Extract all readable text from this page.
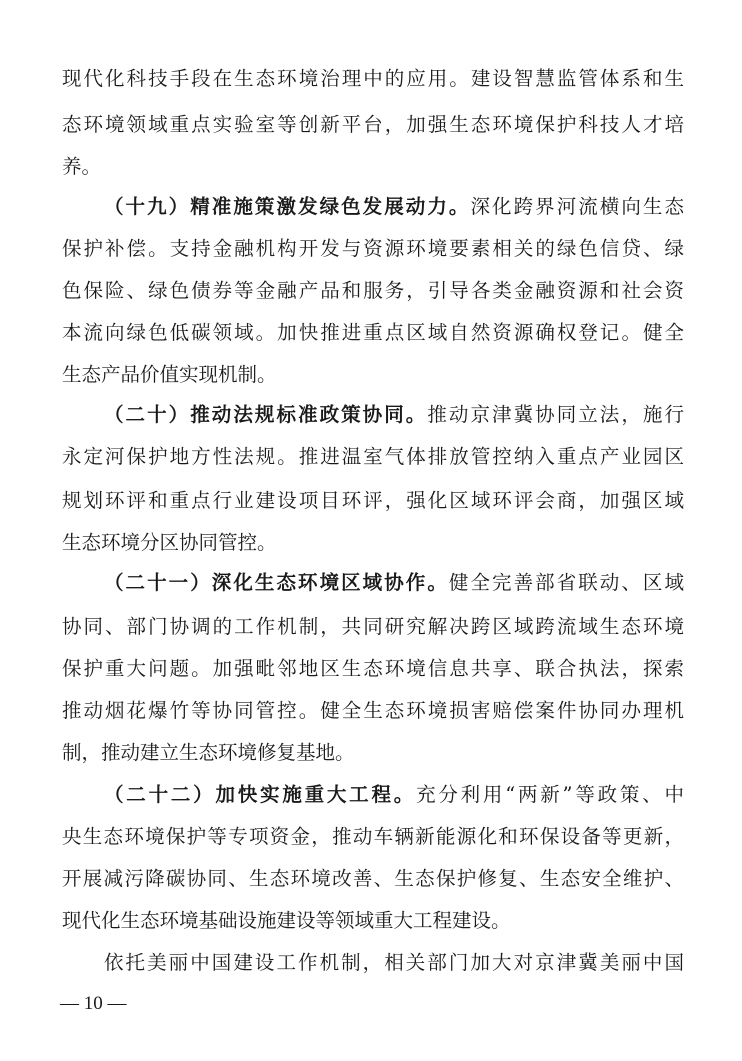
现代化科技手段在生态环境治理中的应用。建设智慧监管体系和生
态环境领域重点实验室等创新平台，加强生态环境保护科技人才培
养。
（十九）精准施策激发绿色发展动力。深化跨界河流横向生态
保护补偿。支持金融机构开发与资源环境要素相关的绿色信贷、绿
色保险、绿色债券等金融产品和服务，引导各类金融资源和社会资
本流向绿色低碳领域。加快推进重点区域自然资源确权登记。健全
生态产品价值实现机制。
（二十）推动法规标准政策协同。推动京津冀协同立法，施行
永定河保护地方性法规。推进温室气体排放管控纳入重点产业园区
规划环评和重点行业建设项目环评，强化区域环评会商，加强区域
生态环境分区协同管控。
（二十一）深化生态环境区域协作。健全完善部省联动、区域
协同、部门协调的工作机制，共同研究解决跨区域跨流域生态环境
保护重大问题。加强毗邻地区生态环境信息共享、联合执法，探索
推动烟花爆竹等协同管控。健全生态环境损害赔偿案件协同办理机
制，推动建立生态环境修复基地。
（二十二）加快实施重大工程。充分利用“两新”等政策、中
央生态环境保护等专项资金，推动车辆新能源化和环保设备等更新，
开展减污降碳协同、生态环境改善、生态保护修复、生态安全维护、
现代化生态环境基础设施建设等领域重大工程建设。
依托美丽中国建设工作机制，相关部门加大对京津冀美丽中国
— 10 —
